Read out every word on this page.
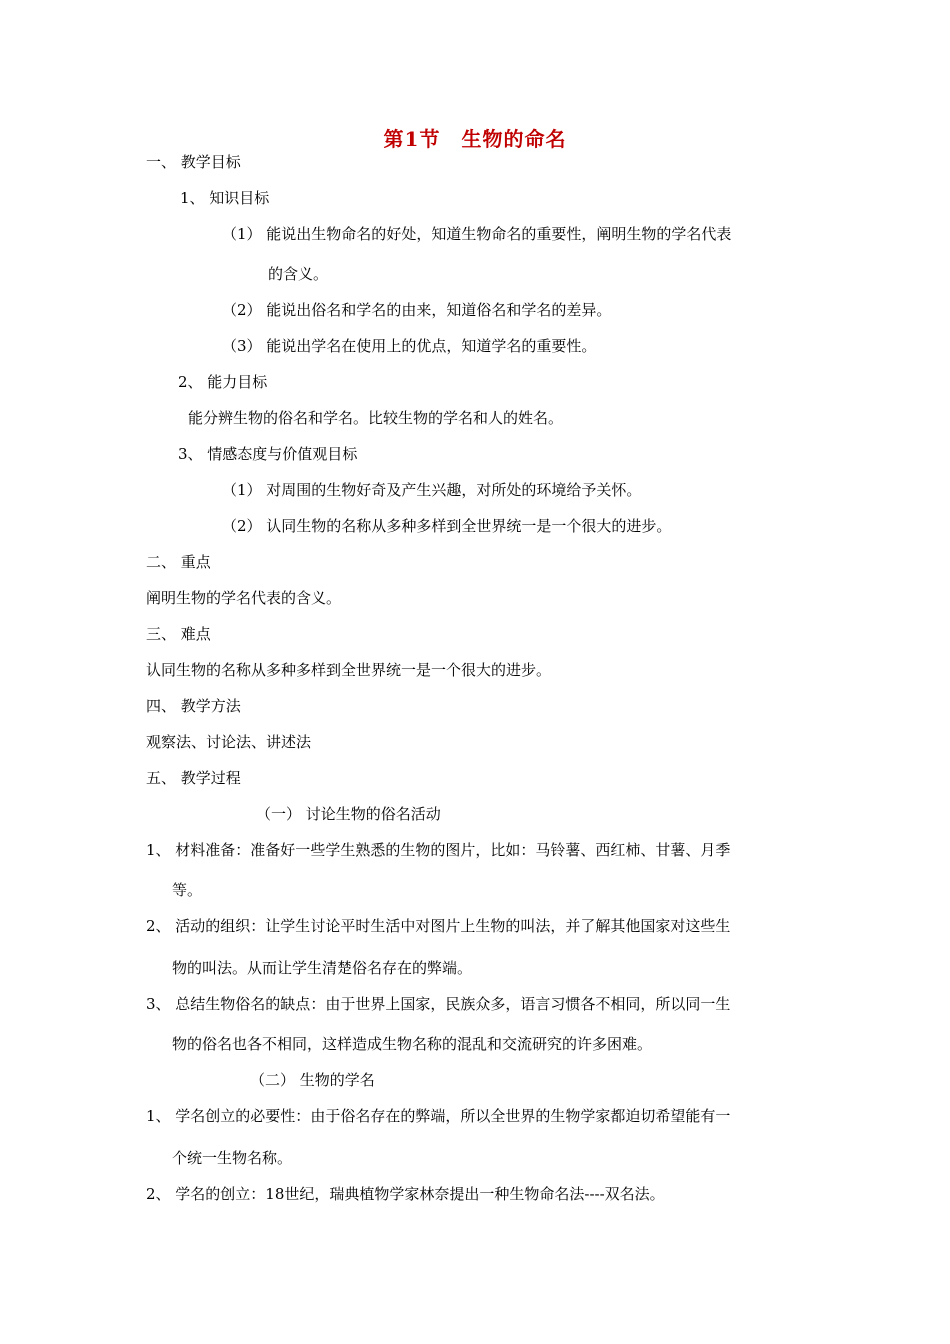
第1节　生物的命名
一、 教学目标
1、 知识目标
（1） 能说出生物命名的好处，知道生物命名的重要性，阐明生物的学名代表
的含义。
（2） 能说出俗名和学名的由来，知道俗名和学名的差异。
（3） 能说出学名在使用上的优点，知道学名的重要性。
2、 能力目标
能分辨生物的俗名和学名。比较生物的学名和人的姓名。
3、 情感态度与价值观目标
（1） 对周围的生物好奇及产生兴趣，对所处的环境给予关怀。
（2） 认同生物的名称从多种多样到全世界统一是一个很大的进步。
二、 重点
阐明生物的学名代表的含义。
三、 难点
认同生物的名称从多种多样到全世界统一是一个很大的进步。
四、 教学方法
观察法、讨论法、讲述法
五、 教学过程
（一） 讨论生物的俗名活动
1、 材料准备：准备好一些学生熟悉的生物的图片，比如：马铃薯、西红柿、甘薯、月季
等。
2、 活动的组织：让学生讨论平时生活中对图片上生物的叫法，并了解其他国家对这些生
物的叫法。从而让学生清楚俗名存在的弊端。
3、 总结生物俗名的缺点：由于世界上国家，民族众多，语言习惯各不相同，所以同一生
物的俗名也各不相同，这样造成生物名称的混乱和交流研究的许多困难。
（二） 生物的学名
1、 学名创立的必要性：由于俗名存在的弊端，所以全世界的生物学家都迫切希望能有一
个统一生物名称。
2、 学名的创立：18世纪，瑞典植物学家林奈提出一种生物命名法----双名法。
